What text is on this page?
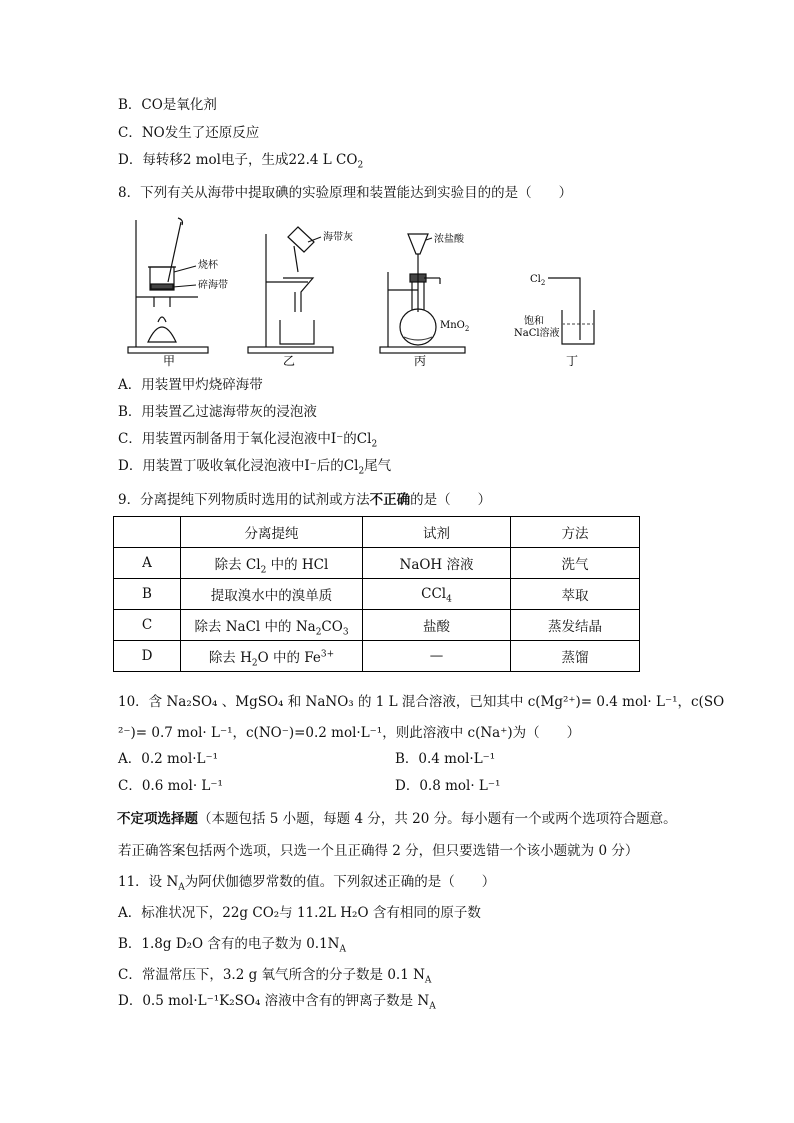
B．CO是氧化剂
C．NO发生了还原反应
D．每转移2 mol电子，生成22.4 L $CO_2$
8．下列有关从海带中提取碘的实验原理和装置能达到实验目的的是（　　）
烧杯
碎海带
甲
海带灰
乙
浓盐酸
MnO$_2$
丙
$Cl_2$
饱和
NaCl溶液
丁
A．用装置甲灼烧碎海带
B．用装置乙过滤海带灰的浸泡液
C．用装置丙制备用于氧化浸泡液中I⁻的$Cl_2$
D．用装置丁吸收氧化浸泡液中I⁻后的$Cl_2$尾气
9．分离提纯下列物质时选用的试剂或方法不正确的是（　　）
	分离提纯	试剂	方法
A	除去 $Cl_2$ 中的 HCl	NaOH 溶液	洗气
B	提取溴水中的溴单质	CCl$_4$	萃取
C	除去 NaCl 中的 $Na_2CO_3$	盐酸	蒸发结晶
D	除去 $H_2O$ 中的 $Fe^{3+}$	—	蒸馏
10．含 Na₂SO₄ 、MgSO₄ 和 NaNO₃ 的 1 L 混合溶液，已知其中 c(Mg²⁺)= 0.4 mol· L⁻¹，c(SO
²⁻)= 0.7 mol· L⁻¹，c(NO⁻)=0.2 mol·L⁻¹，则此溶液中 c(Na⁺)为（　　）
A．0.2 mol·L⁻¹	B．0.4 mol·L⁻¹
C．0.6 mol· L⁻¹	D．0.8 mol· L⁻¹
不定项选择题（本题包括 5 小题，每题 4 分，共 20 分。每小题有一个或两个选项符合题意。
若正确答案包括两个选项，只选一个且正确得 2 分，但只要选错一个该小题就为 0 分）
11．设 $N_A$为阿伏伽德罗常数的值。下列叙述正确的是（　　）
A．标准状况下，22g CO₂与 11.2L H₂O 含有相同的原子数
B．1.8g D₂O 含有的电子数为 $0.1N_A$
C．常温常压下，3.2 g 氧气所含的分子数是 0.1 $N_A$
D．0.5 mol·L⁻¹K₂SO₄ 溶液中含有的钾离子数是 $N_A$
